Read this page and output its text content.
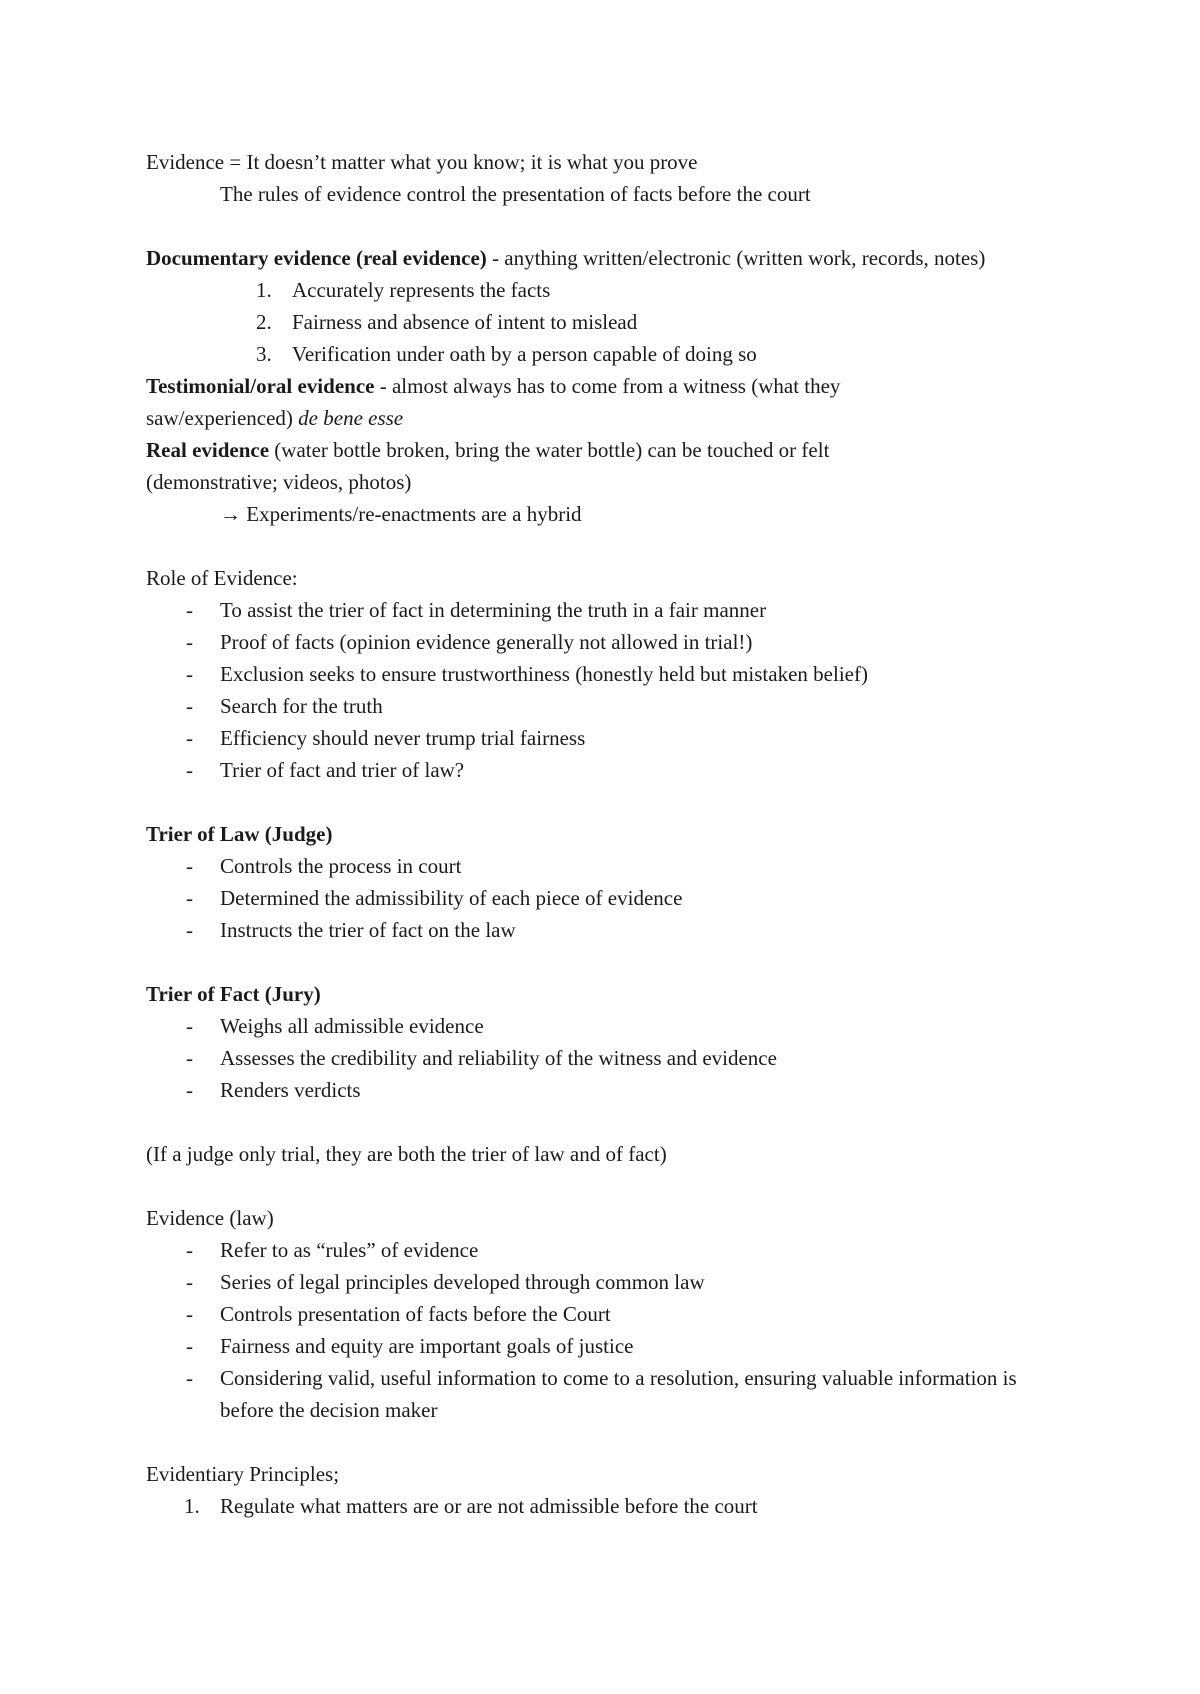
Evidence = It doesn’t matter what you know; it is what you prove

The rules of evidence control the presentation of facts before the court

Documentary evidence (real evidence) - anything written/electronic (written work, records, notes)

1. Accurately represents the facts

2. Fairness and absence of intent to mislead

3. Verification under oath by a person capable of doing so

Testimonial/oral evidence - almost always has to come from a witness (what they saw/experienced) de bene esse

Real evidence (water bottle broken, bring the water bottle) can be touched or felt (demonstrative; videos, photos)

→ Experiments/re-enactments are a hybrid

Role of Evidence:

- To assist the trier of fact in determining the truth in a fair manner

- Proof of facts (opinion evidence generally not allowed in trial!)

- Exclusion seeks to ensure trustworthiness (honestly held but mistaken belief)

- Search for the truth

- Efficiency should never trump trial fairness

- Trier of fact and trier of law?

Trier of Law (Judge)

- Controls the process in court

- Determined the admissibility of each piece of evidence

- Instructs the trier of fact on the law

Trier of Fact (Jury)

- Weighs all admissible evidence

- Assesses the credibility and reliability of the witness and evidence

- Renders verdicts

(If a judge only trial, they are both the trier of law and of fact)

Evidence (law)

- Refer to as “rules” of evidence

- Series of legal principles developed through common law

- Controls presentation of facts before the Court

- Fairness and equity are important goals of justice

- Considering valid, useful information to come to a resolution, ensuring valuable information is before the decision maker

Evidentiary Principles;

1. Regulate what matters are or are not admissible before the court
